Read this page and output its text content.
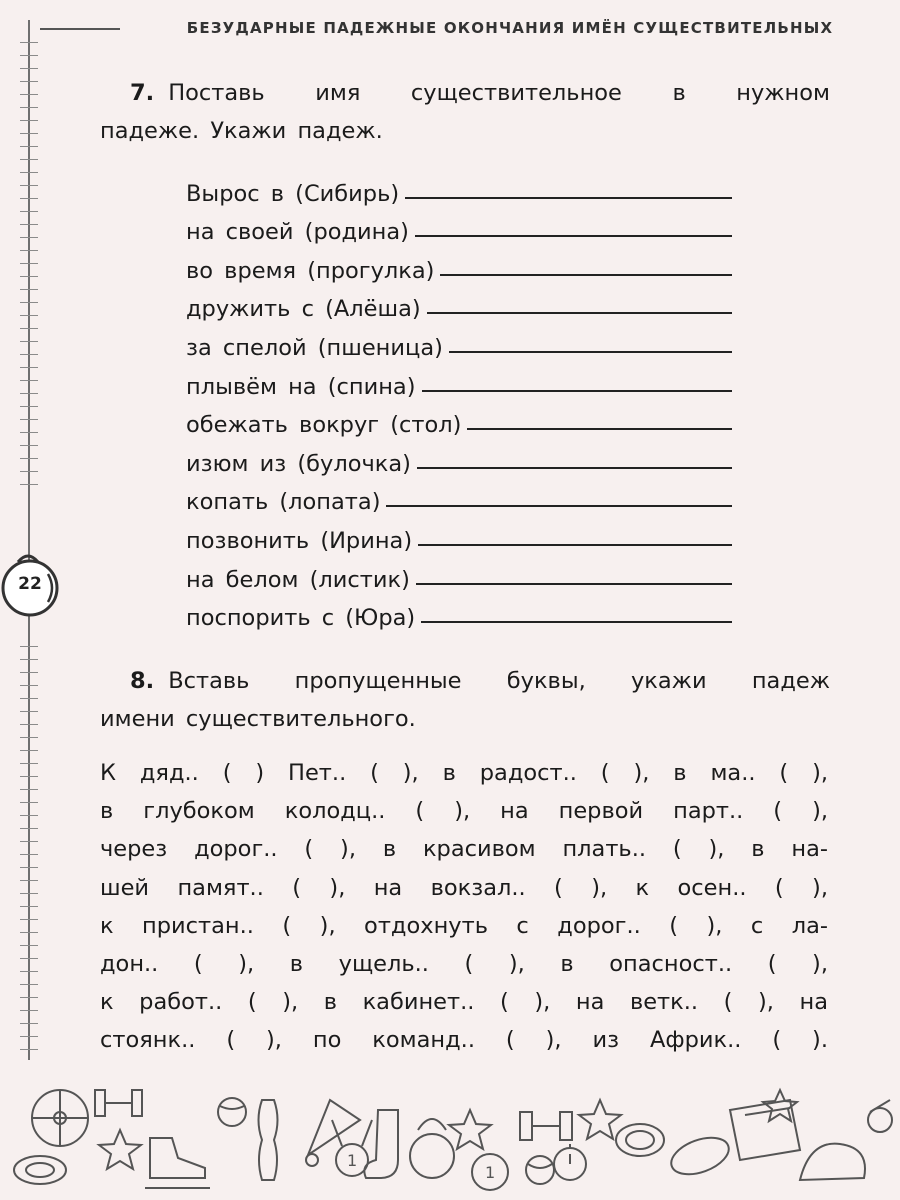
БЕЗУДАРНЫЕ ПАДЕЖНЫЕ ОКОНЧАНИЯ ИМЁН СУЩЕСТВИТЕЛЬНЫХ
22
7. Поставь имя существительное в нужном
падеже. Укажи падеж.
Вырос в (Сибирь)
на своей (родина)
во время (прогулка)
дружить с (Алёша)
за спелой (пшеница)
плывём на (спина)
обежать вокруг (стол)
изюм из (булочка)
копать (лопата)
позвонить (Ирина)
на белом (листик)
поспорить с (Юра)
8. Вставь пропущенные буквы, укажи падеж
имени существительного.
К дяд.. ( ) Пет.. ( ), в радост.. ( ), в ма.. ( ),
в глубоком колодц.. ( ), на первой парт.. ( ),
через дорог.. ( ), в красивом плать.. ( ), в на-
шей памят.. ( ), на вокзал.. ( ), к осен.. ( ),
к пристан.. ( ), отдохнуть с дорог.. ( ), с ла-
дон.. ( ), в ущель.. ( ), в опасност.. ( ),
к работ.. ( ), в кабинет.. ( ), на ветк.. ( ), на
стоянк.. ( ), по команд.. ( ), из Африк.. ( ).
1
1
